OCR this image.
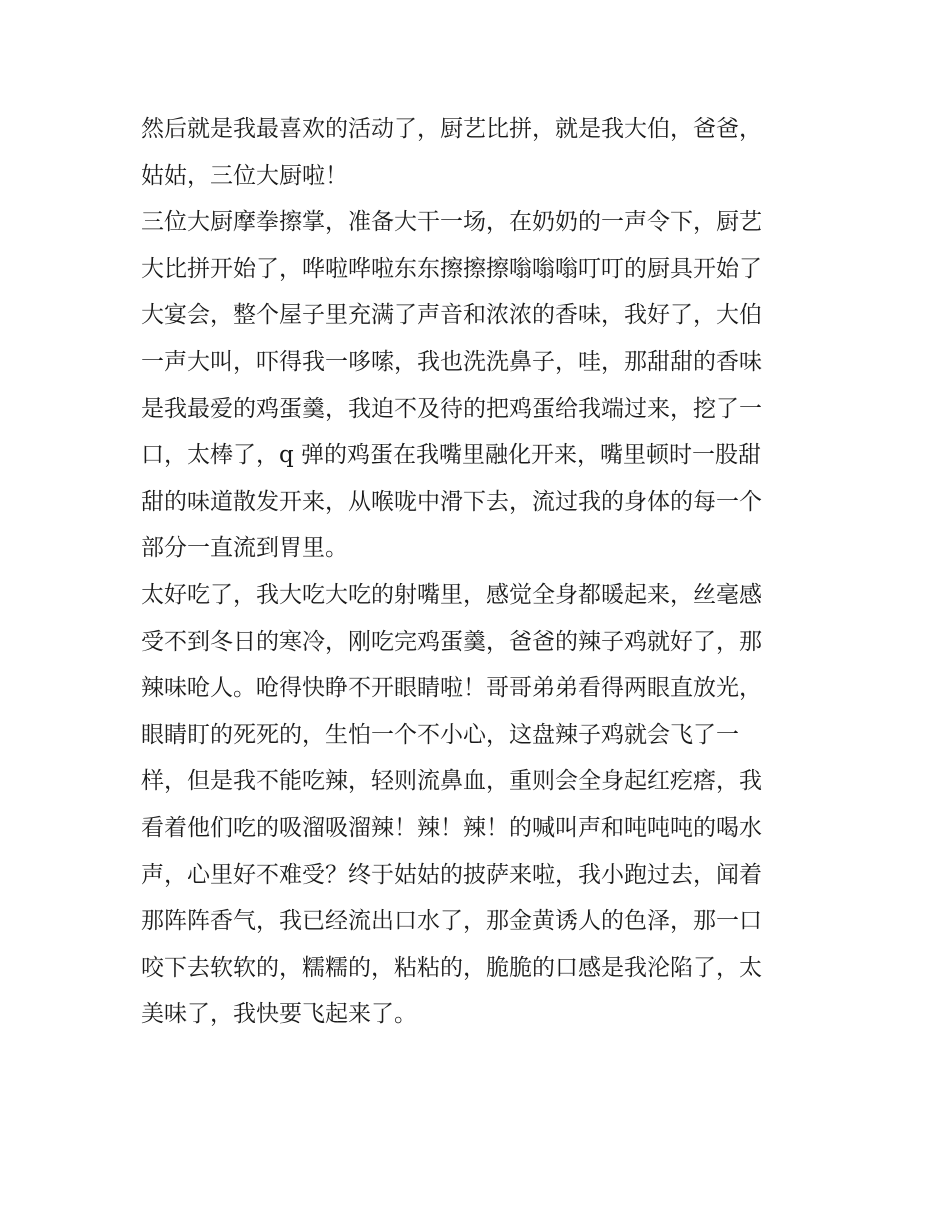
然后就是我最喜欢的活动了，厨艺比拼，就是我大伯，爸爸，
姑姑，三位大厨啦！
三位大厨摩拳擦掌，准备大干一场，在奶奶的一声令下，厨艺
大比拼开始了，哗啦哗啦东东擦擦擦嗡嗡嗡叮叮的厨具开始了
大宴会，整个屋子里充满了声音和浓浓的香味，我好了，大伯
一声大叫，吓得我一哆嗦，我也洗洗鼻子，哇，那甜甜的香味
是我最爱的鸡蛋羹，我迫不及待的把鸡蛋给我端过来，挖了一
口，太棒了，q 弹的鸡蛋在我嘴里融化开来，嘴里顿时一股甜
甜的味道散发开来，从喉咙中滑下去，流过我的身体的每一个
部分一直流到胃里。
太好吃了，我大吃大吃的射嘴里，感觉全身都暖起来，丝毫感
受不到冬日的寒冷，刚吃完鸡蛋羹，爸爸的辣子鸡就好了，那
辣味呛人。呛得快睁不开眼睛啦！哥哥弟弟看得两眼直放光，
眼睛盯的死死的，生怕一个不小心，这盘辣子鸡就会飞了一
样，但是我不能吃辣，轻则流鼻血，重则会全身起红疙瘩，我
看着他们吃的吸溜吸溜辣！辣！辣！的喊叫声和吨吨吨的喝水
声，心里好不难受？终于姑姑的披萨来啦，我小跑过去，闻着
那阵阵香气，我已经流出口水了，那金黄诱人的色泽，那一口
咬下去软软的，糯糯的，粘粘的，脆脆的口感是我沦陷了，太
美味了，我快要飞起来了。
